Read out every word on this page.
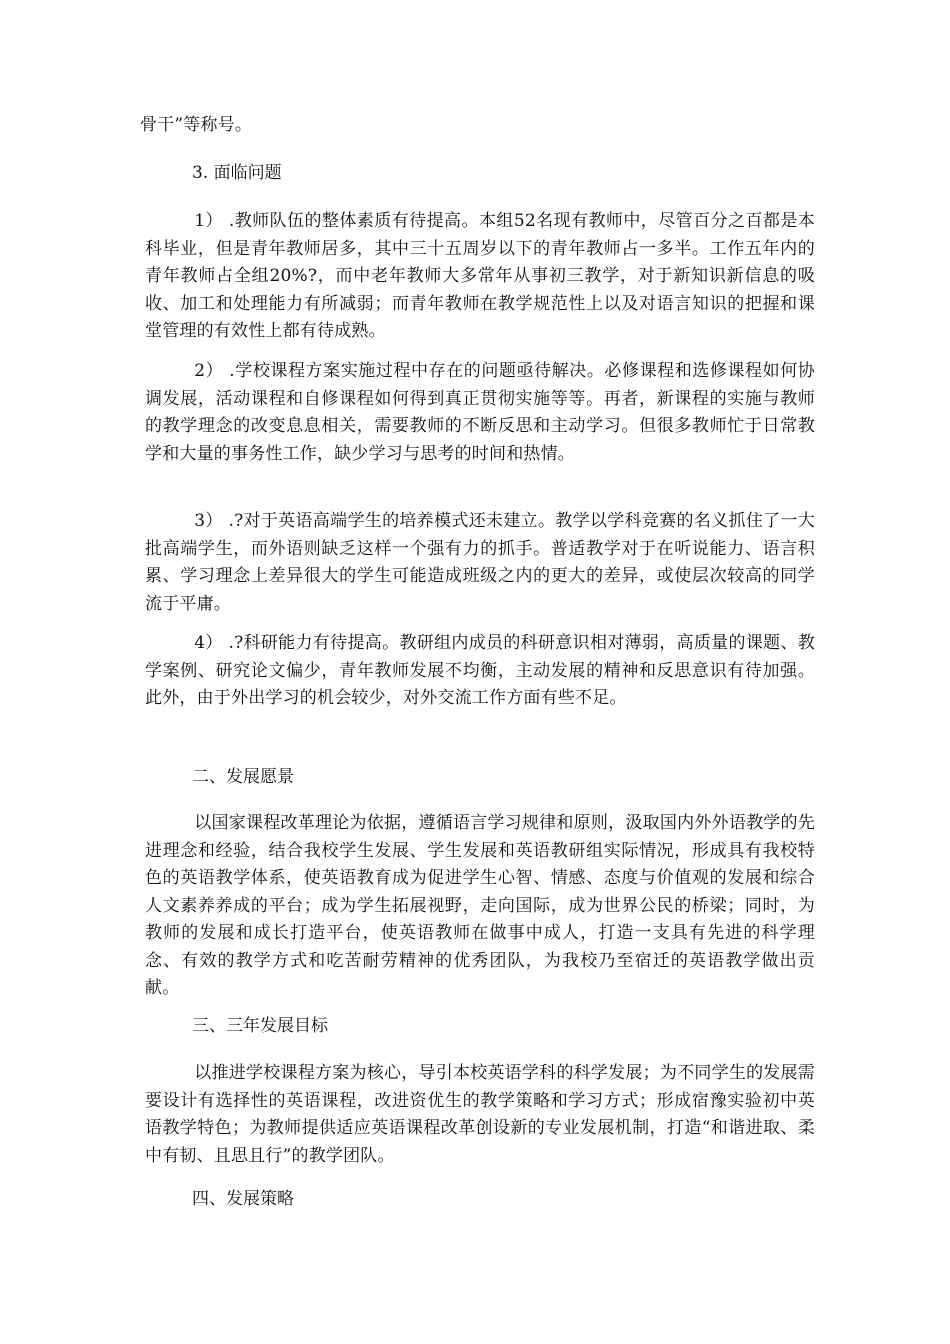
骨干”等称号。

3. 面临问题

1） .教师队伍的整体素质有待提高。本组52名现有教师中，尽管百分之百都是本科毕业，但是青年教师居多，其中三十五周岁以下的青年教师占一多半。工作五年内的青年教师占全组20%?，而中老年教师大多常年从事初三教学，对于新知识新信息的吸收、加工和处理能力有所减弱；而青年教师在教学规范性上以及对语言知识的把握和课堂管理的有效性上都有待成熟。

2） .学校课程方案实施过程中存在的问题亟待解决。必修课程和选修课程如何协调发展，活动课程和自修课程如何得到真正贯彻实施等等。再者，新课程的实施与教师的教学理念的改变息息相关，需要教师的不断反思和主动学习。但很多教师忙于日常教学和大量的事务性工作，缺少学习与思考的时间和热情。

3） .?对于英语高端学生的培养模式还未建立。教学以学科竞赛的名义抓住了一大批高端学生，而外语则缺乏这样一个强有力的抓手。普适教学对于在听说能力、语言积累、学习理念上差异很大的学生可能造成班级之内的更大的差异，或使层次较高的同学流于平庸。

4） .?科研能力有待提高。教研组内成员的科研意识相对薄弱，高质量的课题、教学案例、研究论文偏少，青年教师发展不均衡，主动发展的精神和反思意识有待加强。此外，由于外出学习的机会较少，对外交流工作方面有些不足。

二、发展愿景

以国家课程改革理论为依据，遵循语言学习规律和原则，汲取国内外外语教学的先进理念和经验，结合我校学生发展、学生发展和英语教研组实际情况，形成具有我校特色的英语教学体系，使英语教育成为促进学生心智、情感、态度与价值观的发展和综合人文素养养成的平台；成为学生拓展视野，走向国际，成为世界公民的桥梁；同时，为教师的发展和成长打造平台，使英语教师在做事中成人，打造一支具有先进的科学理念、有效的教学方式和吃苦耐劳精神的优秀团队，为我校乃至宿迁的英语教学做出贡献。

三、三年发展目标

以推进学校课程方案为核心，导引本校英语学科的科学发展；为不同学生的发展需要设计有选择性的英语课程，改进资优生的教学策略和学习方式；形成宿豫实验初中英语教学特色；为教师提供适应英语课程改革创设新的专业发展机制，打造“和谐进取、柔中有韧、且思且行”的教学团队。

四、发展策略
